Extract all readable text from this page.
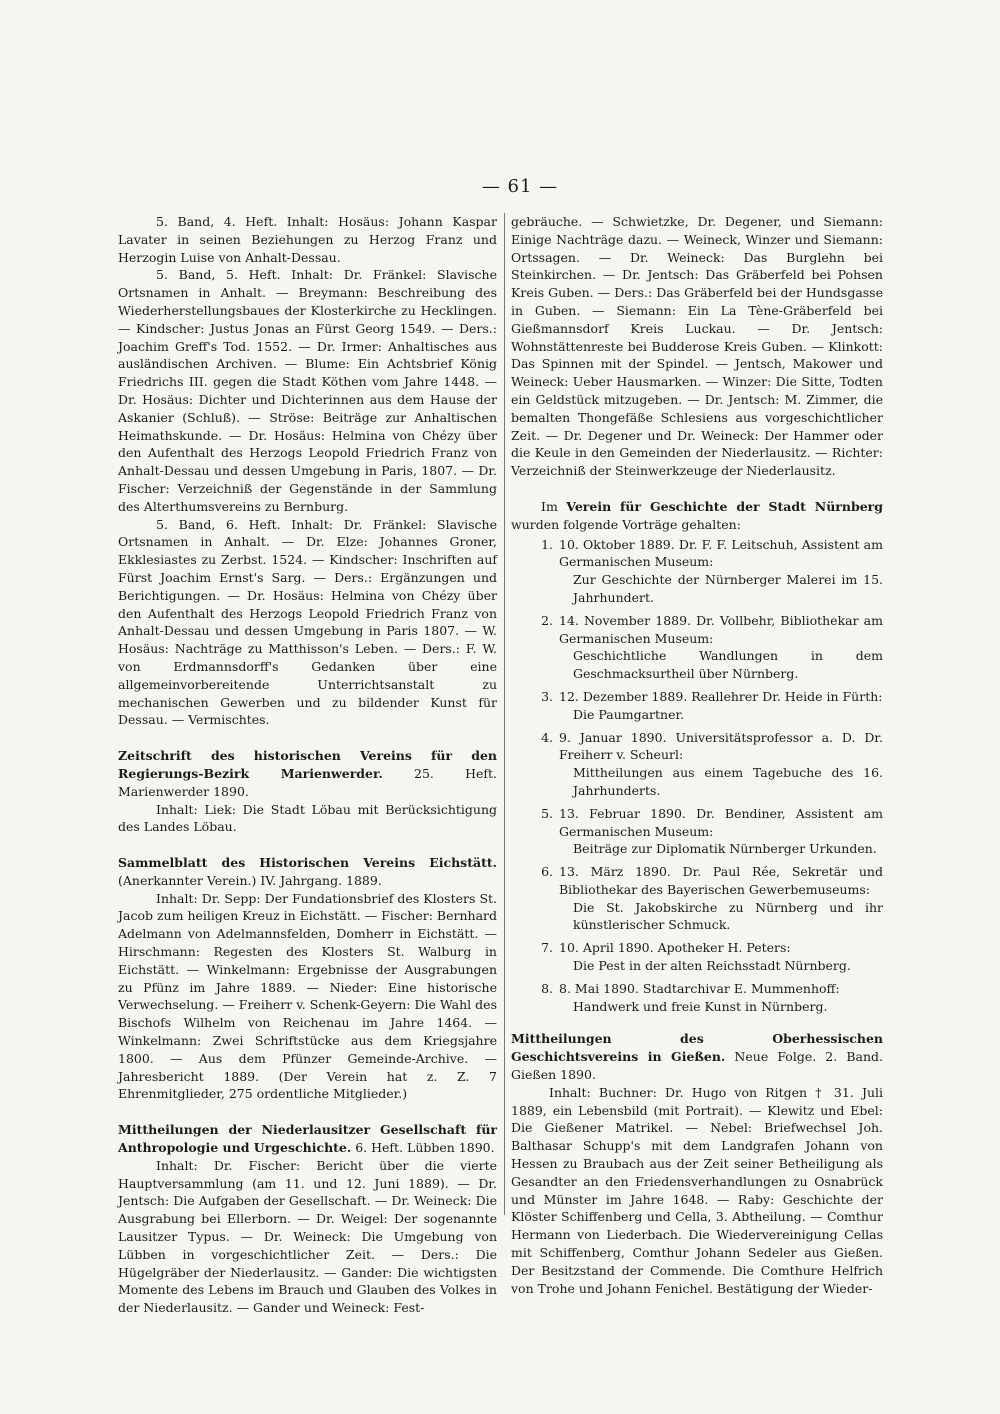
— 61 —

5. Band, 4. Heft. Inhalt: Hosäus: Johann Kaspar Lavater in seinen Beziehungen zu Herzog Franz und Herzogin Luise von Anhalt-Dessau.

5. Band, 5. Heft. Inhalt: Dr. Fränkel: Slavische Ortsnamen in Anhalt. — Breymann: Beschreibung des Wiederherstellungsbaues der Klosterkirche zu Hecklingen. — Kindscher: Justus Jonas an Fürst Georg 1549. — Ders.: Joachim Greff's Tod. 1552. — Dr. Irmer: Anhaltisches aus ausländischen Archiven. — Blume: Ein Achtsbrief König Friedrichs III. gegen die Stadt Köthen vom Jahre 1448. — Dr. Hosäus: Dichter und Dichterinnen aus dem Hause der Askanier (Schluß). — Ströse: Beiträge zur Anhaltischen Heimathskunde. — Dr. Hosäus: Helmina von Chézy über den Aufenthalt des Herzogs Leopold Friedrich Franz von Anhalt-Dessau und dessen Umgebung in Paris, 1807. — Dr. Fischer: Verzeichniß der Gegenstände in der Sammlung des Alterthumsvereins zu Bernburg.

5. Band, 6. Heft. Inhalt: Dr. Fränkel: Slavische Ortsnamen in Anhalt. — Dr. Elze: Johannes Groner, Ekklesiastes zu Zerbst. 1524. — Kindscher: Inschriften auf Fürst Joachim Ernst's Sarg. — Ders.: Ergänzungen und Berichtigungen. — Dr. Hosäus: Helmina von Chézy über den Aufenthalt des Herzogs Leopold Friedrich Franz von Anhalt-Dessau und dessen Umgebung in Paris 1807. — W. Hosäus: Nachträge zu Matthisson's Leben. — Ders.: F. W. von Erdmannsdorff's Gedanken über eine allgemeinvorbereitende Unterrichtsanstalt zu mechanischen Gewerben und zu bildender Kunst für Dessau. — Vermischtes.

Zeitschrift des historischen Vereins für den Regierungs-Bezirk Marienwerder. 25. Heft. Marienwerder 1890.

Inhalt: Liek: Die Stadt Löbau mit Berücksichtigung des Landes Löbau.

Sammelblatt des Historischen Vereins Eichstätt. (Anerkannter Verein.) IV. Jahrgang. 1889.

Inhalt: Dr. Sepp: Der Fundationsbrief des Klosters St. Jacob zum heiligen Kreuz in Eichstätt. — Fischer: Bernhard Adelmann von Adelmannsfelden, Domherr in Eichstätt. — Hirschmann: Regesten des Klosters St. Walburg in Eichstätt. — Winkelmann: Ergebnisse der Ausgrabungen zu Pfünz im Jahre 1889. — Nieder: Eine historische Verwechselung. — Freiherr v. Schenk-Geyern: Die Wahl des Bischofs Wilhelm von Reichenau im Jahre 1464. — Winkelmann: Zwei Schriftstücke aus dem Kriegsjahre 1800. — Aus dem Pfünzer Gemeinde-Archive. — Jahresbericht 1889. (Der Verein hat z. Z. 7 Ehrenmitglieder, 275 ordentliche Mitglieder.)

Mittheilungen der Niederlausitzer Gesellschaft für Anthropologie und Urgeschichte. 6. Heft. Lübben 1890.

Inhalt: Dr. Fischer: Bericht über die vierte Hauptversammlung (am 11. und 12. Juni 1889). — Dr. Jentsch: Die Aufgaben der Gesellschaft. — Dr. Weineck: Die Ausgrabung bei Ellerborn. — Dr. Weigel: Der sogenannte Lausitzer Typus. — Dr. Weineck: Die Umgebung von Lübben in vorgeschichtlicher Zeit. — Ders.: Die Hügelgräber der Niederlausitz. — Gander: Die wichtigsten Momente des Lebens im Brauch und Glauben des Volkes in der Niederlausitz. — Gander und Weineck: Fest-

gebräuche. — Schwietzke, Dr. Degener, und Siemann: Einige Nachträge dazu. — Weineck, Winzer und Siemann: Ortssagen. — Dr. Weineck: Das Burglehn bei Steinkirchen. — Dr. Jentsch: Das Gräberfeld bei Pohsen Kreis Guben. — Ders.: Das Gräberfeld bei der Hundsgasse in Guben. — Siemann: Ein La Tène-Gräberfeld bei Gießmannsdorf Kreis Luckau. — Dr. Jentsch: Wohnstättenreste bei Budderose Kreis Guben. — Klinkott: Das Spinnen mit der Spindel. — Jentsch, Makower und Weineck: Ueber Hausmarken. — Winzer: Die Sitte, Todten ein Geldstück mitzugeben. — Dr. Jentsch: M. Zimmer, die bemalten Thongefäße Schlesiens aus vorgeschichtlicher Zeit. — Dr. Degener und Dr. Weineck: Der Hammer oder die Keule in den Gemeinden der Niederlausitz. — Richter: Verzeichniß der Steinwerkzeuge der Niederlausitz.

Im Verein für Geschichte der Stadt Nürnberg wurden folgende Vorträge gehalten:

1. 10. Oktober 1889. Dr. F. F. Leitschuh, Assistent am Germanischen Museum:
Zur Geschichte der Nürnberger Malerei im 15. Jahrhundert.
2. 14. November 1889. Dr. Vollbehr, Bibliothekar am Germanischen Museum:
Geschichtliche Wandlungen in dem Geschmacksurtheil über Nürnberg.
3. 12. Dezember 1889. Reallehrer Dr. Heide in Fürth:
Die Paumgartner.
4. 9. Januar 1890. Universitätsprofessor a. D. Dr. Freiherr v. Scheurl:
Mittheilungen aus einem Tagebuche des 16. Jahrhunderts.
5. 13. Februar 1890. Dr. Bendiner, Assistent am Germanischen Museum:
Beiträge zur Diplomatik Nürnberger Urkunden.
6. 13. März 1890. Dr. Paul Rée, Sekretär und Bibliothekar des Bayerischen Gewerbemuseums:
Die St. Jakobskirche zu Nürnberg und ihr künstlerischer Schmuck.
7. 10. April 1890. Apotheker H. Peters:
Die Pest in der alten Reichsstadt Nürnberg.
8. 8. Mai 1890. Stadtarchivar E. Mummenhoff:
Handwerk und freie Kunst in Nürnberg.

Mittheilungen des Oberhessischen Geschichtsvereins in Gießen. Neue Folge. 2. Band. Gießen 1890.

Inhalt: Buchner: Dr. Hugo von Ritgen † 31. Juli 1889, ein Lebensbild (mit Portrait). — Klewitz und Ebel: Die Gießener Matrikel. — Nebel: Briefwechsel Joh. Balthasar Schupp's mit dem Landgrafen Johann von Hessen zu Braubach aus der Zeit seiner Betheiligung als Gesandter an den Friedensverhandlungen zu Osnabrück und Münster im Jahre 1648. — Raby: Geschichte der Klöster Schiffenberg und Cella, 3. Abtheilung. — Comthur Hermann von Liederbach. Die Wiedervereinigung Cellas mit Schiffenberg, Comthur Johann Sedeler aus Gießen. Der Besitzstand der Commende. Die Comthure Helfrich von Trohe und Johann Fenichel. Bestätigung der Wieder-
